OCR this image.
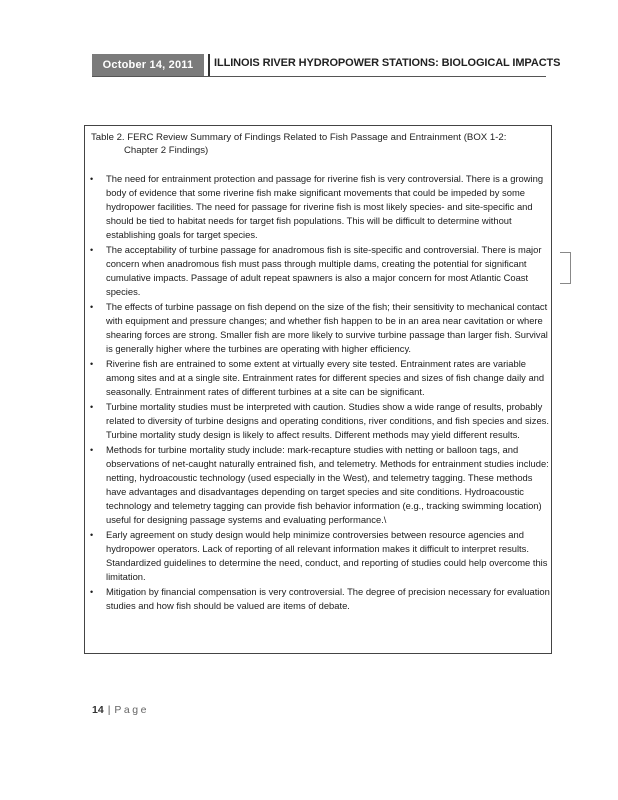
October 14, 2011	ILLINOIS RIVER HYDROPOWER STATIONS: BIOLOGICAL IMPACTS
Table 2. FERC Review Summary of Findings Related to Fish Passage and Entrainment (BOX 1-2:
Chapter 2 Findings)
•	The need for entrainment protection and passage for riverine fish is very controversial. There is a growing body of evidence that some riverine fish make significant movements that could be impeded by some hydropower facilities. The need for passage for riverine fish is most likely species- and site-specific and should be tied to habitat needs for target fish populations. This will be difficult to determine without establishing goals for target species.
•	The acceptability of turbine passage for anadromous fish is site-specific and controversial. There is major concern when anadromous fish must pass through multiple dams, creating the potential for significant cumulative impacts. Passage of adult repeat spawners is also a major concern for most Atlantic Coast species.
•	The effects of turbine passage on fish depend on the size of the fish; their sensitivity to mechanical contact with equipment and pressure changes; and whether fish happen to be in an area near cavitation or where shearing forces are strong. Smaller fish are more likely to survive turbine passage than larger fish. Survival is generally higher where the turbines are operating with higher efficiency.
•	Riverine fish are entrained to some extent at virtually every site tested. Entrainment rates are variable among sites and at a single site. Entrainment rates for different species and sizes of fish change daily and seasonally. Entrainment rates of different turbines at a site can be significant.
•	Turbine mortality studies must be interpreted with caution. Studies show a wide range of results, probably related to diversity of turbine designs and operating conditions, river conditions, and fish species and sizes. Turbine mortality study design is likely to affect results. Different methods may yield different results.
•	Methods for turbine mortality study include: mark-recapture studies with netting or balloon tags, and observations of net-caught naturally entrained fish, and telemetry. Methods for entrainment studies include: netting, hydroacoustic technology (used especially in the West), and telemetry tagging. These methods have advantages and disadvantages depending on target species and site conditions. Hydroacoustic technology and telemetry tagging can provide fish behavior information (e.g., tracking swimming location) useful for designing passage systems and evaluating performance.\
•	Early agreement on study design would help minimize controversies between resource agencies and hydropower operators. Lack of reporting of all relevant information makes it difficult to interpret results. Standardized guidelines to determine the need, conduct, and reporting of studies could help overcome this limitation.
•	Mitigation by financial compensation is very controversial. The degree of precision necessary for evaluation studies and how fish should be valued are items of debate.
14 | Page
